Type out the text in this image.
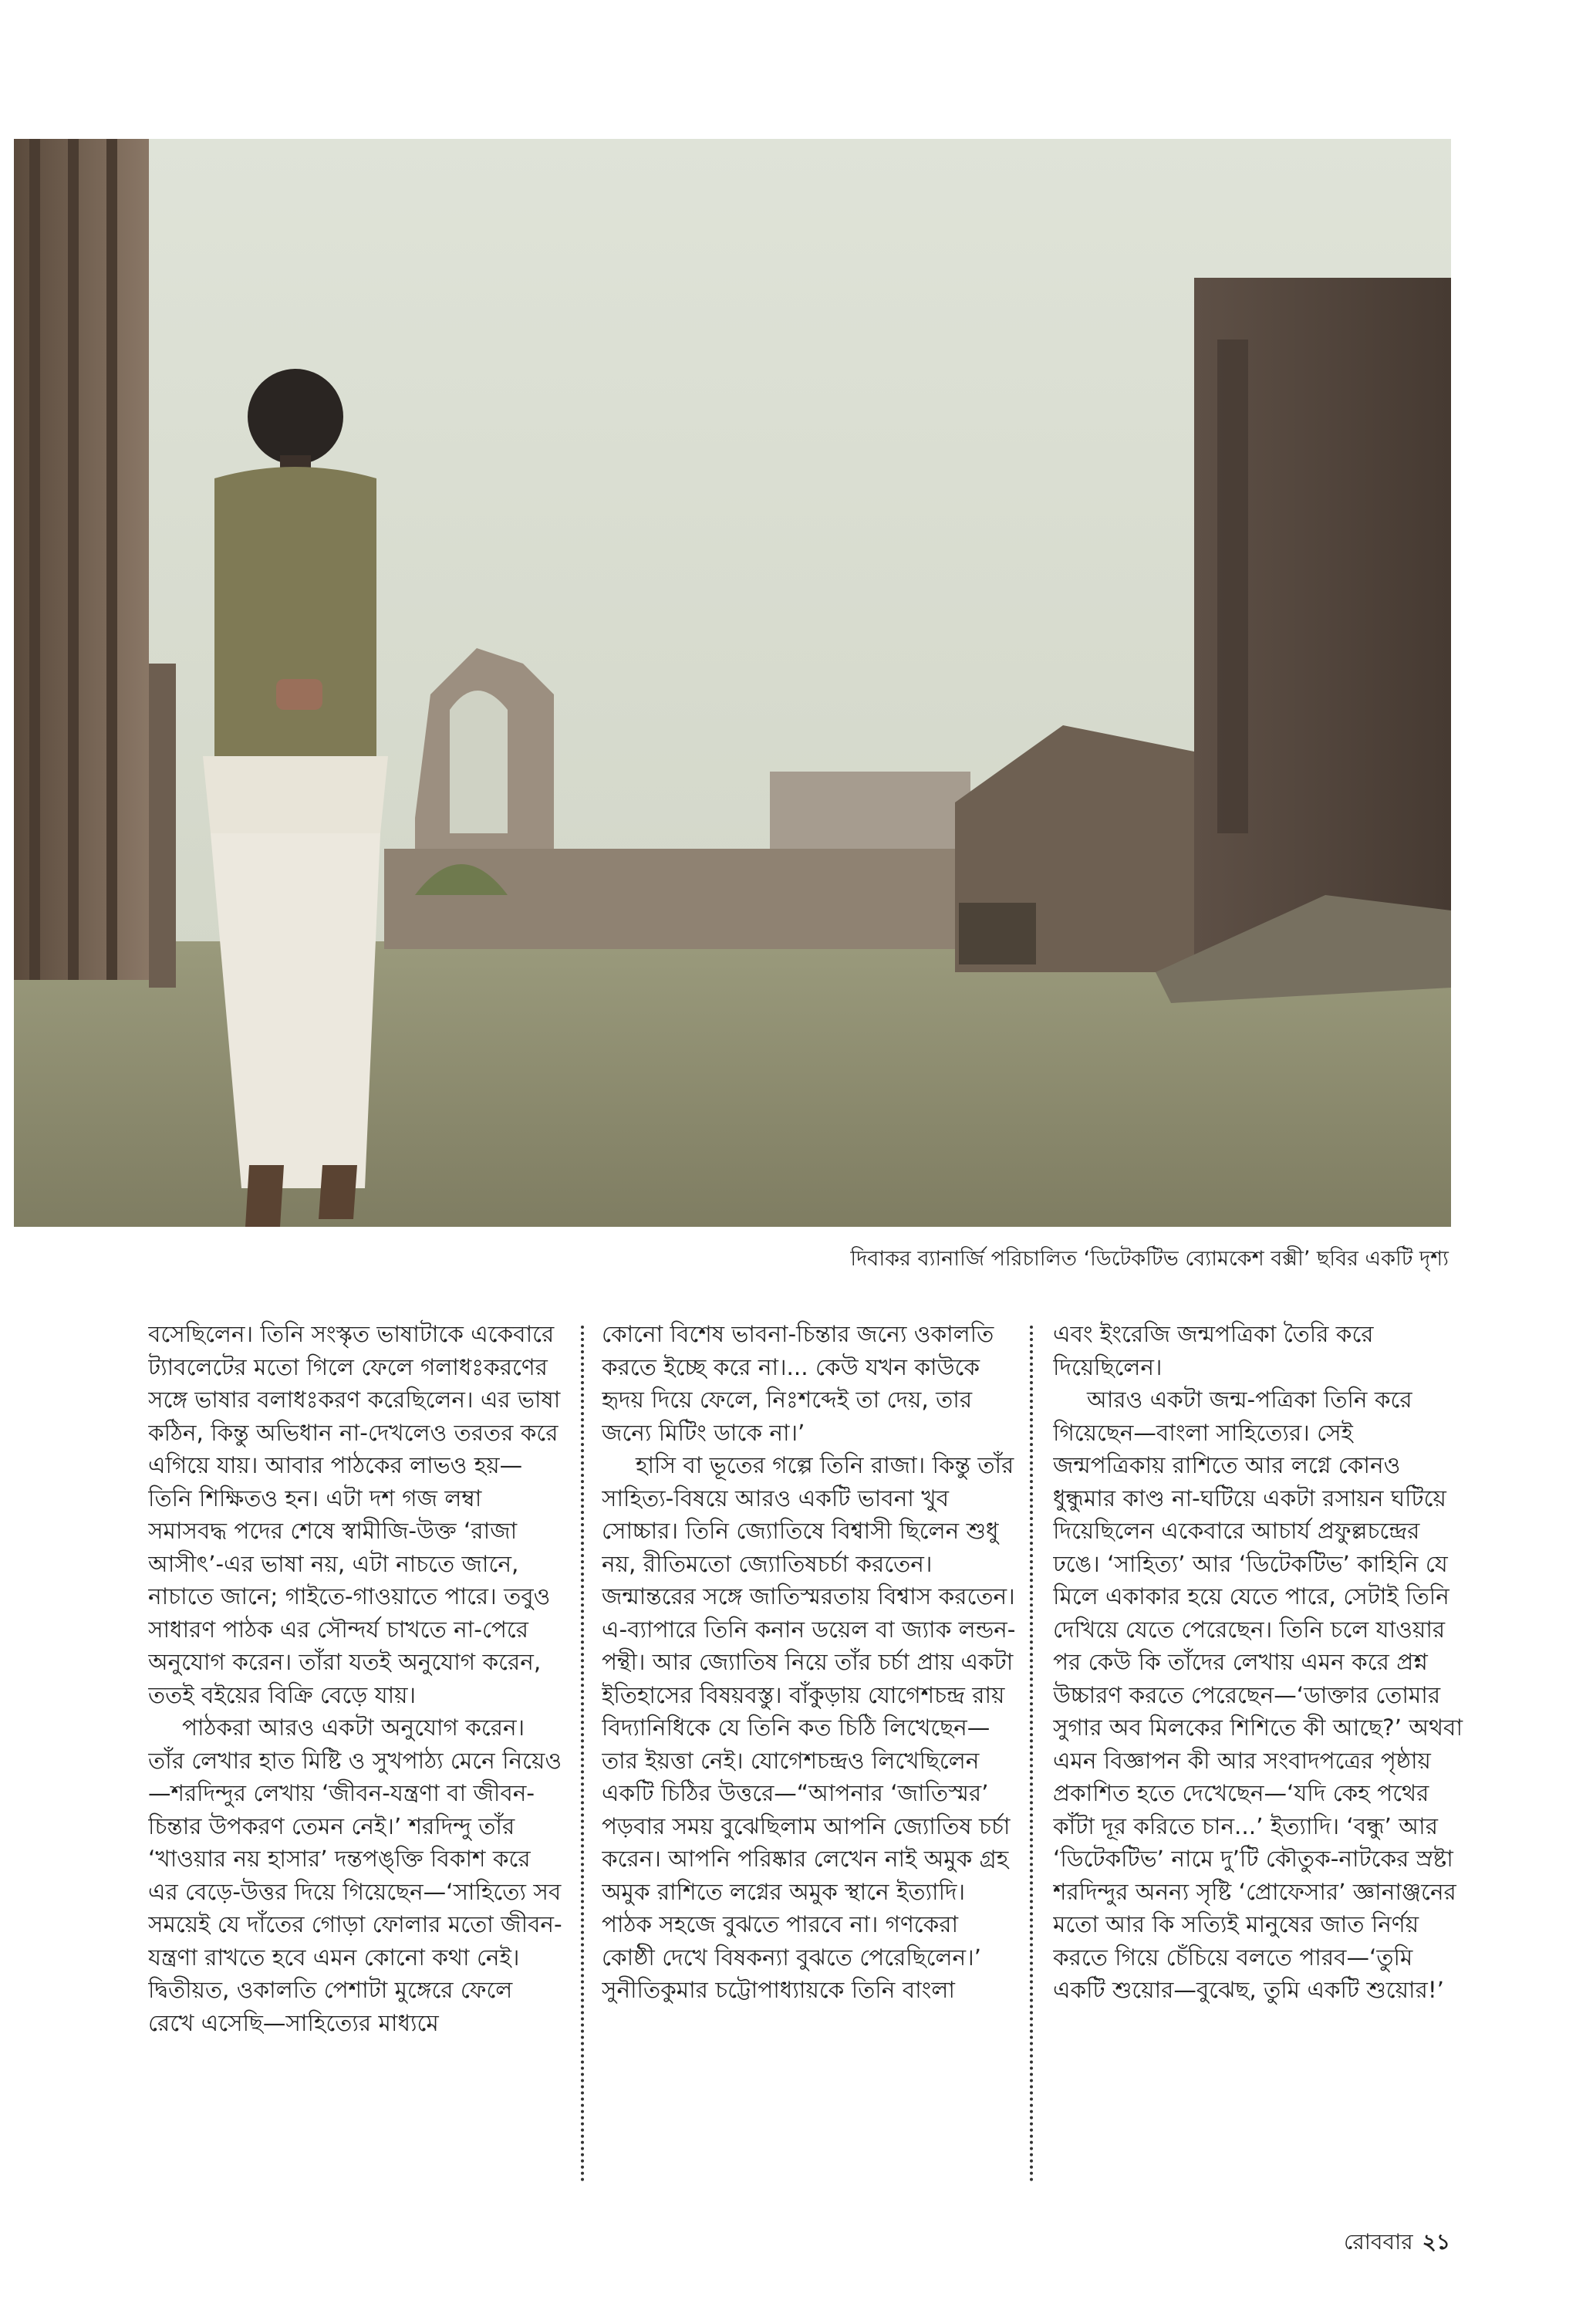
দিবাকর ব্যানার্জি পরিচালিত ‘ডিটেকটিভ ব্যোমকেশ বক্সী’ ছবির একটি দৃশ্য

বসেছিলেন। তিনি সংস্কৃত ভাষাটাকে একেবারে ট্যাবলেটের মতো গিলে ফেলে গলাধঃকরণের সঙ্গে ভাষার বলাধঃকরণ করেছিলেন। এর ভাষা কঠিন, কিন্তু অভিধান না-দেখলেও তরতর করে এগিয়ে যায়। আবার পাঠকের লাভও হয়—তিনি শিক্ষিতও হন। এটা দশ গজ লম্বা সমাসবদ্ধ পদের শেষে স্বামীজি-উক্ত ‘রাজা আসীৎ’-এর ভাষা নয়, এটা নাচতে জানে, নাচাতে জানে; গাইতে-গাওয়াতে পারে। তবুও সাধারণ পাঠক এর সৌন্দর্য চাখতে না-পেরে অনুযোগ করেন। তাঁরা যতই অনুযোগ করেন, ততই বইয়ের বিক্রি বেড়ে যায়।

পাঠকরা আরও একটা অনুযোগ করেন। তাঁর লেখার হাত মিষ্টি ও সুখপাঠ্য মেনে নিয়েও—শরদিন্দুর লেখায় ‘জীবন-যন্ত্রণা বা জীবন-চিন্তার উপকরণ তেমন নেই।’ শরদিন্দু তাঁর ‘খাওয়ার নয় হাসার’ দন্তপঙ্‌ক্তি বিকাশ করে এর বেড়ে-উত্তর দিয়ে গিয়েছেন—‘সাহিত্যে সব সময়েই যে দাঁতের গোড়া ফোলার মতো জীবন-যন্ত্রণা রাখতে হবে এমন কোনো কথা নেই। দ্বিতীয়ত, ওকালতি পেশাটা মুঙ্গেরে ফেলে রেখে এসেছি—সাহিত্যের মাধ্যমে

কোনো বিশেষ ভাবনা-চিন্তার জন্যে ওকালতি করতে ইচ্ছে করে না।... কেউ যখন কাউকে হৃদয় দিয়ে ফেলে, নিঃশব্দেই তা দেয়, তার জন্যে মিটিং ডাকে না।’

হাসি বা ভূতের গল্পে তিনি রাজা। কিন্তু তাঁর সাহিত্য-বিষয়ে আরও একটি ভাবনা খুব সোচ্চার। তিনি জ্যোতিষে বিশ্বাসী ছিলেন শুধু নয়, রীতিমতো জ্যোতিষচর্চা করতেন। জন্মান্তরের সঙ্গে জাতিস্মরতায় বিশ্বাস করতেন। এ-ব্যাপারে তিনি কনান ডয়েল বা জ্যাক লন্ডন-পন্থী। আর জ্যোতিষ নিয়ে তাঁর চর্চা প্রায় একটা ইতিহাসের বিষয়বস্তু। বাঁকুড়ায় যোগেশচন্দ্র রায় বিদ্যানিধিকে যে তিনি কত চিঠি লিখেছেন—তার ইয়ত্তা নেই। যোগেশচন্দ্রও লিখেছিলেন একটি চিঠির উত্তরে—“আপনার ‘জাতিস্মর’ পড়বার সময় বুঝেছিলাম আপনি জ্যোতিষ চর্চা করেন। আপনি পরিষ্কার লেখেন নাই অমুক গ্রহ অমুক রাশিতে লগ্নের অমুক স্থানে ইত্যাদি। পাঠক সহজে বুঝতে পারবে না। গণকেরা কোষ্ঠী দেখে বিষকন্যা বুঝতে পেরেছিলেন।’ সুনীতিকুমার চট্টোপাধ্যায়কে তিনি বাংলা

এবং ইংরেজি জন্মপত্রিকা তৈরি করে দিয়েছিলেন।

আরও একটা জন্ম-পত্রিকা তিনি করে গিয়েছেন—বাংলা সাহিত্যের। সেই জন্মপত্রিকায় রাশিতে আর লগ্নে কোনও ধুন্ধুমার কাণ্ড না-ঘটিয়ে একটা রসায়ন ঘটিয়ে দিয়েছিলেন একেবারে আচার্য প্রফুল্লচন্দ্রের ঢঙে। ‘সাহিত্য’ আর ‘ডিটেকটিভ’ কাহিনি যে মিলে একাকার হয়ে যেতে পারে, সেটাই তিনি দেখিয়ে যেতে পেরেছেন। তিনি চলে যাওয়ার পর কেউ কি তাঁদের লেখায় এমন করে প্রশ্ন উচ্চারণ করতে পেরেছেন—‘ডাক্তার তোমার সুগার অব মিলকের শিশিতে কী আছে?’ অথবা এমন বিজ্ঞাপন কী আর সংবাদপত্রের পৃষ্ঠায় প্রকাশিত হতে দেখেছেন—‘যদি কেহ পথের কাঁটা দূর করিতে চান...’ ইত্যাদি। ‘বন্ধু’ আর ‘ডিটেকটিভ’ নামে দু’টি কৌতুক-নাটকের স্রষ্টা শরদিন্দুর অনন্য সৃষ্টি ‘প্রোফেসার’ জ্ঞানাঞ্জনের মতো আর কি সত্যিই মানুষের জাত নির্ণয় করতে গিয়ে চেঁচিয়ে বলতে পারব—‘তুমি একটি শুয়োর—বুঝেছ, তুমি একটি শুয়োর!’

রোববার ২১
